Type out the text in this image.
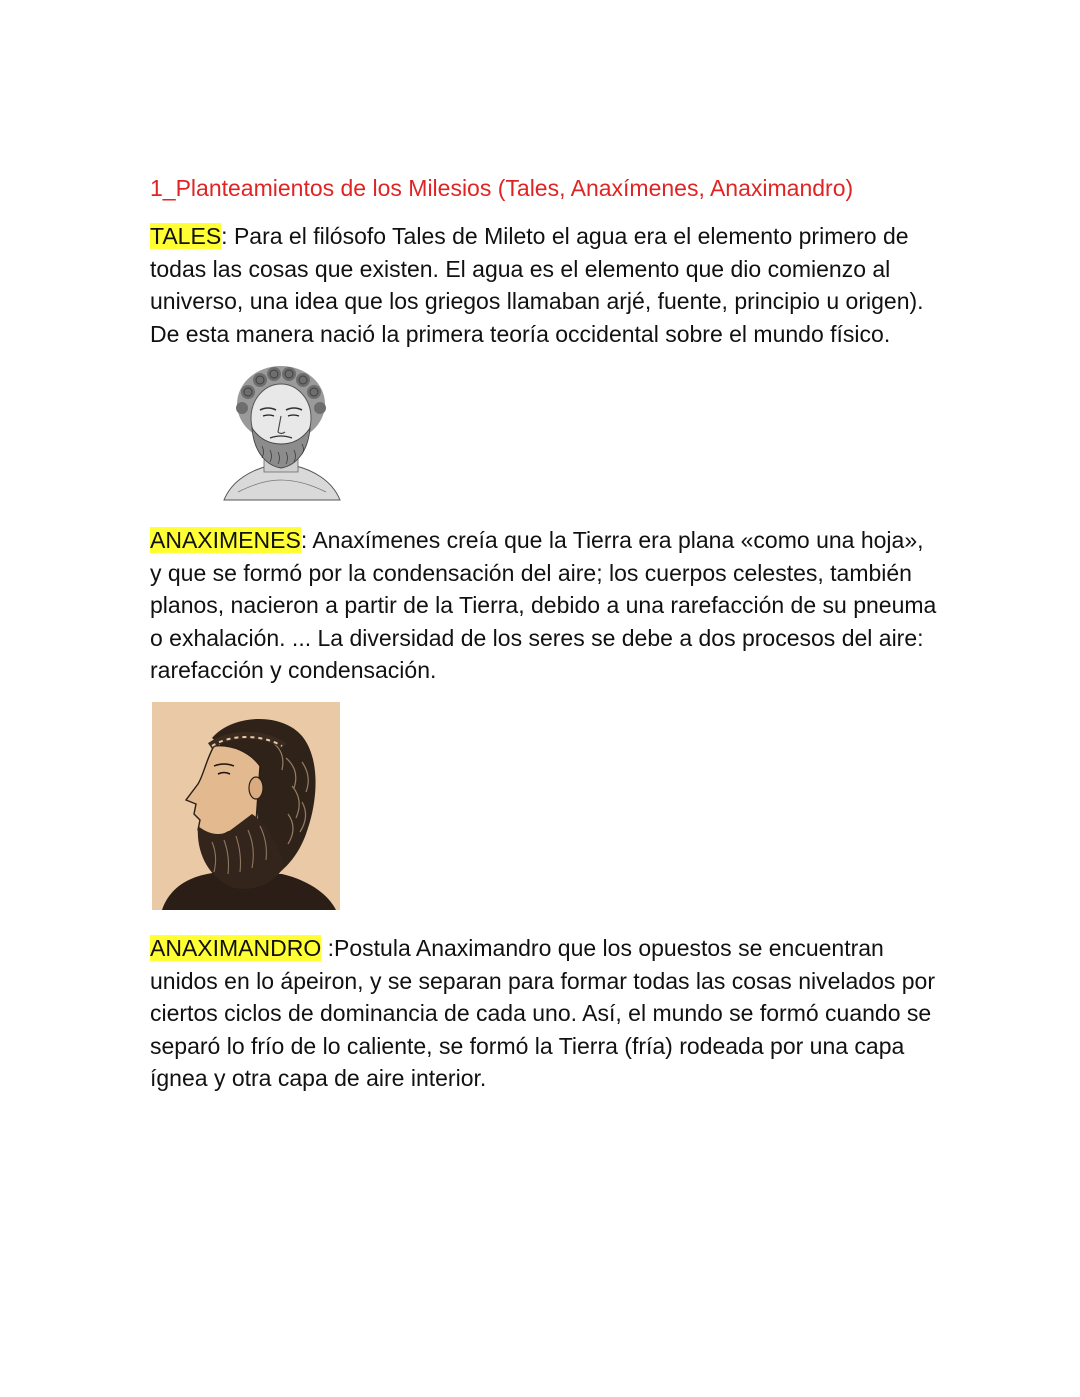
1_Planteamientos de los Milesios (Tales, Anaxímenes, Anaximandro)

TALES: Para el filósofo Tales de Mileto el agua era el elemento primero de todas las cosas que existen. El agua es el elemento que dio comienzo al universo, una idea que los griegos llamaban arjé, fuente, principio u origen). De esta manera nació la primera teoría occidental sobre el mundo físico.

ANAXIMENES: Anaxímenes creía que la Tierra era plana «como una hoja», y que se formó por la condensación del aire; los cuerpos celestes, también planos, nacieron a partir de la Tierra, debido a una rarefacción de su pneuma o exhalación. ... La diversidad de los seres se debe a dos procesos del aire: rarefacción y condensación.

ANAXIMANDRO :Postula Anaximandro que los opuestos se encuentran unidos en lo ápeiron, y se separan para formar todas las cosas nivelados por ciertos ciclos de dominancia de cada uno. Así, el mundo se formó cuando se separó lo frío de lo caliente, se formó la Tierra (fría) rodeada por una capa ígnea y otra capa de aire interior.
